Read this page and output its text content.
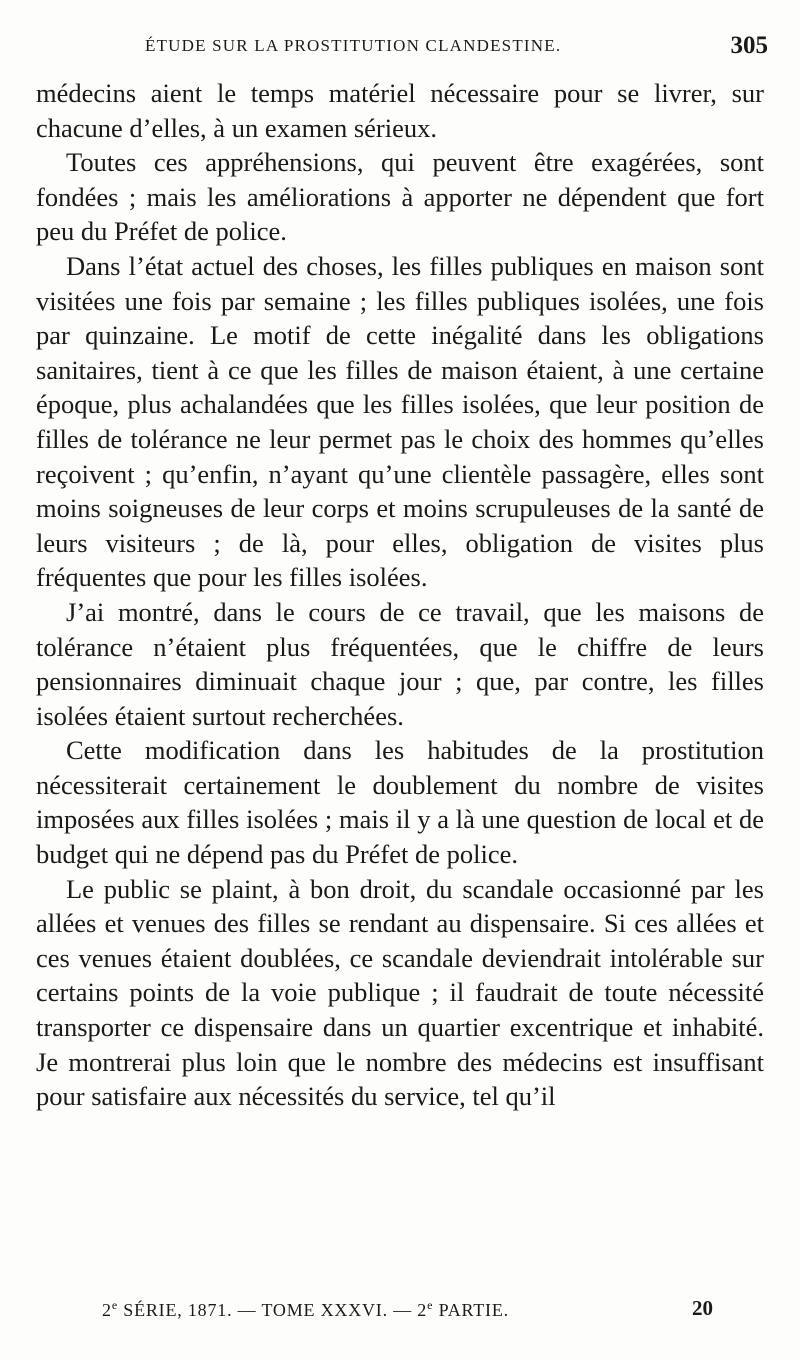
ÉTUDE SUR LA PROSTITUTION CLANDESTINE.	305

médecins aient le temps matériel nécessaire pour se livrer, sur chacune d’elles, à un examen sérieux.

Toutes ces appréhensions, qui peuvent être exagérées, sont fondées ; mais les améliorations à apporter ne dépendent que fort peu du Préfet de police.

Dans l’état actuel des choses, les filles publiques en maison sont visitées une fois par semaine ; les filles publiques isolées, une fois par quinzaine. Le motif de cette inégalité dans les obligations sanitaires, tient à ce que les filles de maison étaient, à une certaine époque, plus achalandées que les filles isolées, que leur position de filles de tolérance ne leur permet pas le choix des hommes qu’elles reçoivent ; qu’enfin, n’ayant qu’une clientèle passagère, elles sont moins soigneuses de leur corps et moins scrupuleuses de la santé de leurs visiteurs ; de là, pour elles, obligation de visites plus fréquentes que pour les filles isolées.

J’ai montré, dans le cours de ce travail, que les maisons de tolérance n’étaient plus fréquentées, que le chiffre de leurs pensionnaires diminuait chaque jour ; que, par contre, les filles isolées étaient surtout recherchées.

Cette modification dans les habitudes de la prostitution nécessiterait certainement le doublement du nombre de visites imposées aux filles isolées ; mais il y a là une question de local et de budget qui ne dépend pas du Préfet de police.

Le public se plaint, à bon droit, du scandale occasionné par les allées et venues des filles se rendant au dispensaire. Si ces allées et ces venues étaient doublées, ce scandale deviendrait intolérable sur certains points de la voie publique ; il faudrait de toute nécessité transporter ce dispensaire dans un quartier excentrique et inhabité. Je montrerai plus loin que le nombre des médecins est insuffisant pour satisfaire aux nécessités du service, tel qu’il

2e SÉRIE, 1871. — TOME XXXVI. — 2e PARTIE.	20
